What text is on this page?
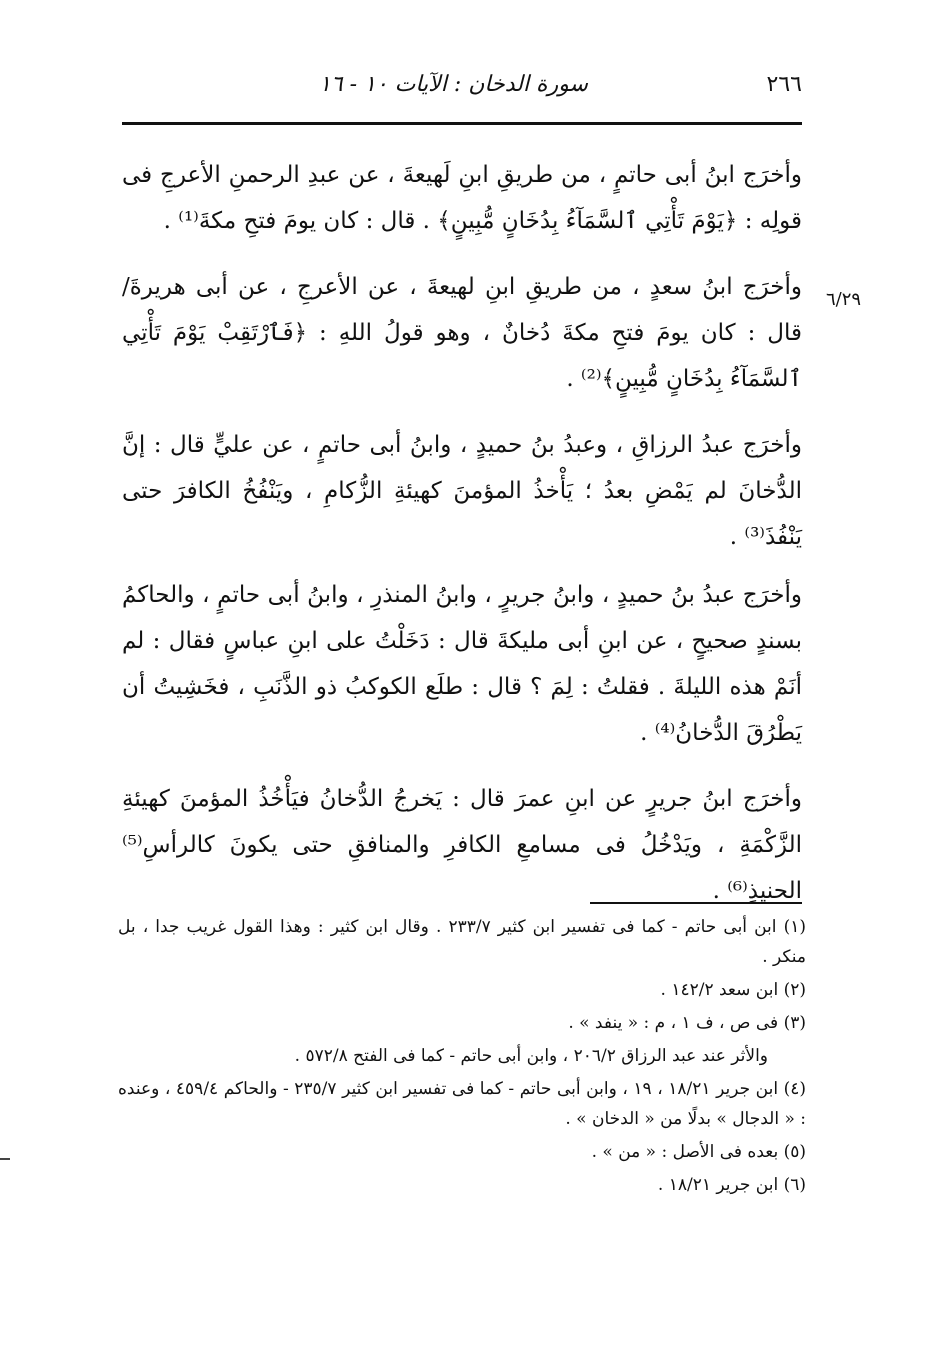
٢٦٦
سورة الدخان : الآيات ١٠ - ١٦
٦/٢٩

وأخرَج ابنُ أبى حاتمٍ ، من طريقِ ابنِ لَهيعةَ ، عن عبدِ الرحمنِ الأعرجِ فى قولِه : ﴿يَوْمَ تَأْتِي ٱلسَّمَآءُ بِدُخَانٍ مُّبِينٍ﴾ . قال : كان يومَ فتحِ مكةَ⁽¹⁾ .

وأخرَج ابنُ سعدٍ ، من طريقِ ابنِ لهيعةَ ، عن الأعرجِ ، عن أبى هريرةَ/ قال : كان يومَ فتحِ مكةَ دُخانٌ ، وهو قولُ اللهِ : ﴿فَٱرْتَقِبْ يَوْمَ تَأْتِي ٱلسَّمَآءُ بِدُخَانٍ مُّبِينٍ﴾⁽²⁾ .

وأخرَج عبدُ الرزاقِ ، وعبدُ بنُ حميدٍ ، وابنُ أبى حاتمٍ ، عن عليٍّ قال : إنَّ الدُّخانَ لم يَمْضِ بعدُ ؛ يَأْخذُ المؤمنَ كهيئةِ الزُّكامِ ، ويَنْفُخُ الكافرَ حتى يَنْفُذَ⁽³⁾ .

وأخرَج عبدُ بنُ حميدٍ ، وابنُ جريرٍ ، وابنُ المنذرِ ، وابنُ أبى حاتمٍ ، والحاكمُ بسندٍ صحيحٍ ، عن ابنِ أبى مليكةَ قال : دَخَلْتُ على ابنِ عباسٍ فقال : لم أنَمْ هذه الليلةَ . فقلتُ : لِمَ ؟ قال : طلَع الكوكبُ ذو الذَّنَبِ ، فخَشِيتُ أن يَطْرُقَ الدُّخانُ⁽⁴⁾ .

وأخرَج ابنُ جريرٍ عن ابنِ عمرَ قال : يَخرجُ الدُّخانُ فيَأْخُذُ المؤمنَ كهيئةِ الزَّكْمَةِ ، ويَدْخُلُ فى مسامعِ الكافرِ والمنافقِ حتى يكونَ كالرأسِ⁽⁵⁾ الحنيذِ⁽⁶⁾ .

(١) ابن أبى حاتم - كما فى تفسير ابن كثير ٢٣٣/٧ . وقال ابن كثير : وهذا القول غريب جدا ، بل منكر .

(٢) ابن سعد ١٤٢/٢ .

(٣) فى ص ، ف ١ ، م : « ينفد » .

والأثر عند عبد الرزاق ٢٠٦/٢ ، وابن أبى حاتم - كما فى الفتح ٥٧٢/٨ .

(٤) ابن جرير ١٨/٢١ ، ١٩ ، وابن أبى حاتم - كما فى تفسير ابن كثير ٢٣٥/٧ - والحاكم ٤٥٩/٤ ، وعنده : « الدجال » بدلًا من « الدخان » .

(٥) بعده فى الأصل : « من » .

(٦) ابن جرير ١٨/٢١ .
